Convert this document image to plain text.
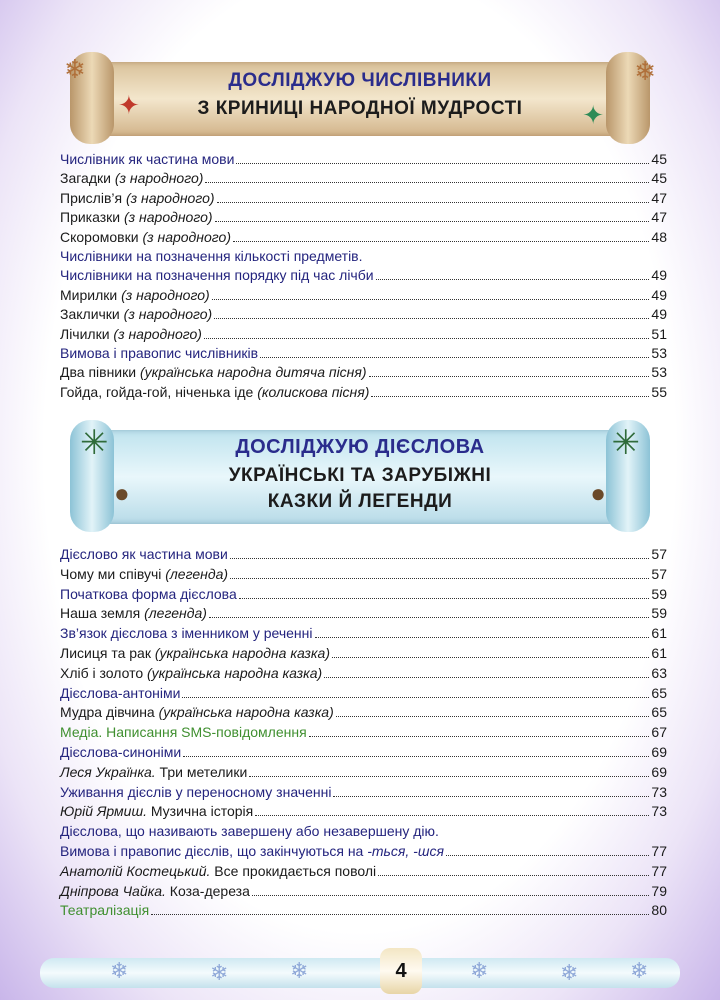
❄
✦
❄
✦
ДОСЛІДЖУЮ ЧИСЛІВНИКИ
З КРИНИЦІ НАРОДНОЇ МУДРОСТІ
Числівник як частина мови	45
Загадки (з народного)	45
Прислів’я (з народного)	47
Приказки (з народного)	47
Скоромовки (з народного)	48
Числівники на позначення кількості предметів.
Числівники на позначення порядку під час лічби	49
Мирилки (з народного)	49
Заклички (з народного)	49
Лічилки (з народного)	51
Вимова і правопис числівників	53
Два півники (українська народна дитяча пісня)	53
Гойда, гойда-гой, ніченька іде (колискова пісня)	55
✳
●
✳
●
ДОСЛІДЖУЮ ДІЄСЛОВА
УКРАЇНСЬКІ ТА ЗАРУБІЖНІ
КАЗКИ Й ЛЕГЕНДИ
Дієслово як частина мови	57
Чому ми співучі (легенда)	57
Початкова форма дієслова	59
Наша земля (легенда)	59
Зв’язок дієслова з іменником у реченні	61
Лисиця та рак (українська народна казка)	61
Хліб і золото (українська народна казка)	63
Дієслова-антоніми	65
Мудра дівчина (українська народна казка)	65
Медіа. Написання SMS-повідомлення	67
Дієслова-синоніми	69
Леся Українка. Три метелики	69
Уживання дієслів у переносному значенні	73
Юрій Ярмиш. Музична історія	73
Дієслова, що називають завершену або незавершену дію.
Вимова і правопис дієслів, що закінчуються на -ться, -шся	77
Анатолій Костецький. Все прокидається поволі	77
Дніпрова Чайка. Коза-дереза	79
Театралізація	80
❄	❄	❄	❄	❄ ❄
4
